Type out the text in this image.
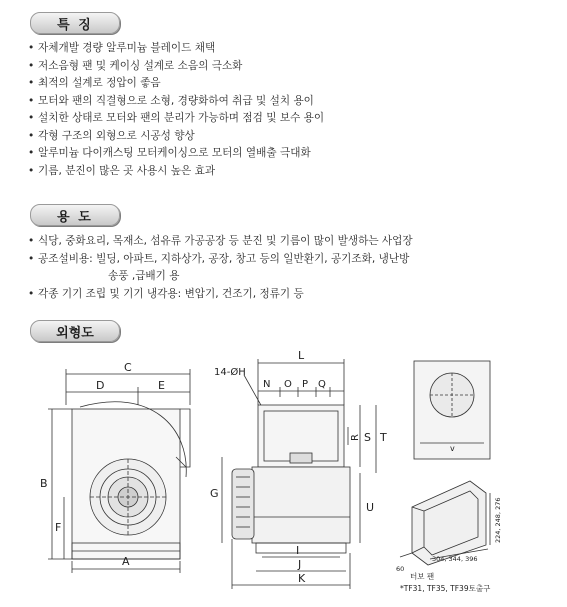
특 징
• 자체개발 경량 알루미늄 블레이드 채택
• 저소음형 팬 및 케이싱 설계로 소음의 극소화
• 최적의 설계로 정압이 좋음
• 모터와 팬의 직결형으로 소형, 경량화하여 취급 및 설치 용이
• 설치한 상태로 모터와 팬의 분리가 가능하며 점검 및 보수 용이
• 각형 구조의 외형으로 시공성 향상
• 알루미늄 다이캐스팅 모터케이싱으로 모터의 열배출 극대화
• 기름, 분진이 많은 곳 사용시 높은 효과
용 도
• 식당, 중화요리, 목재소, 섬유류 가공공장 등 분진 및 기름이 많이 발생하는 사업장
• 공조설비용: 빌딩, 아파트, 지하상가, 공장, 창고 등의 일반환기, 공기조화, 냉난방
송풍 ,급배기 용
• 각종 기기 조립 및 기기 냉각용: 변압기, 건조기, 정류기 등
외형도
C
D	E
B
F
A
L
N O P Q
14-ØH
R S T
G
U
I
J
K
v
224, 248, 276
304, 344, 396
60
터보 팬
*TF31, TF35, TF39토출구
